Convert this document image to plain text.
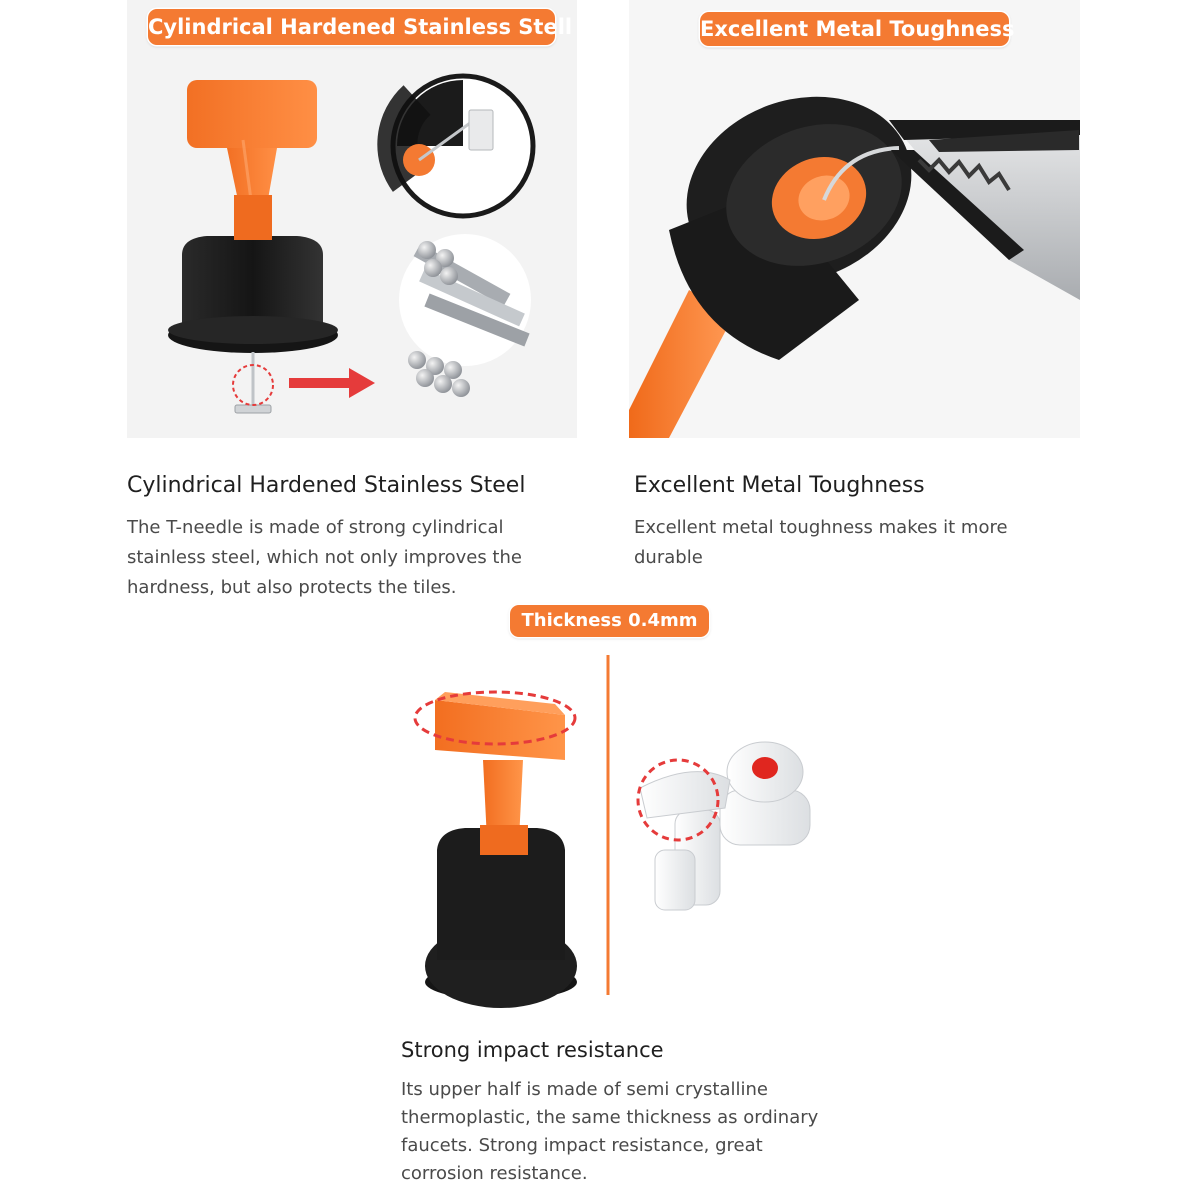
Cylindrical Hardened Stainless Stell	Excellent Metal Toughness
Thickness 0.4mm
Cylindrical Hardened Stainless Steel

The T-needle is made of strong cylindrical stainless steel, which not only improves the hardness, but also protects the tiles.

Excellent Metal Toughness

Excellent metal toughness makes it more durable

Strong impact resistance

Its upper half is made of semi crystalline thermoplastic, the same thickness as ordinary faucets. Strong impact resistance, great corrosion resistance.
